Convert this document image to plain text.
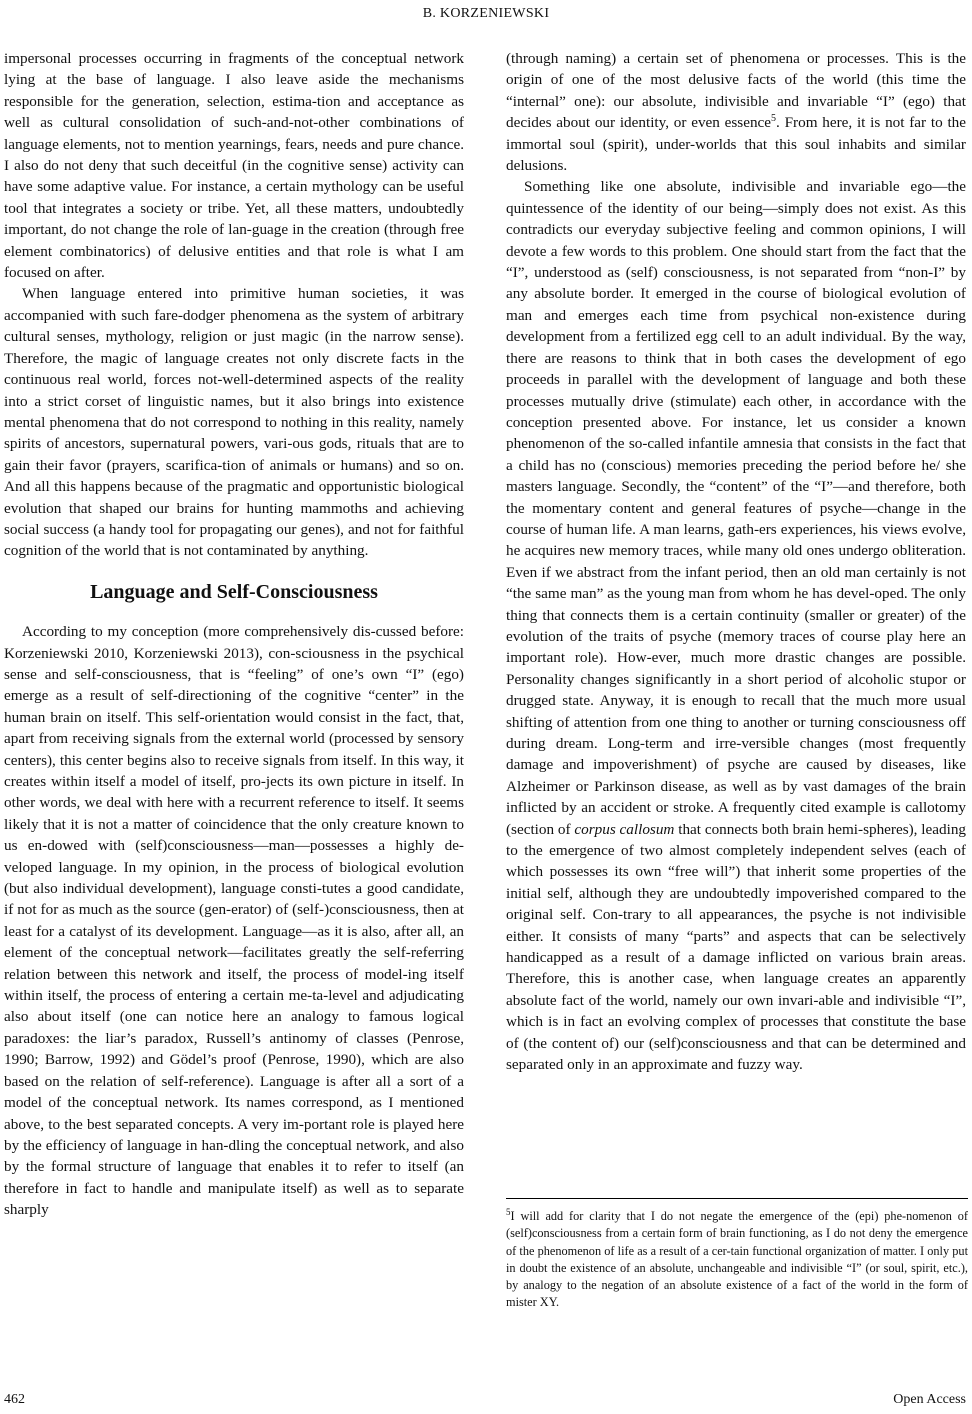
B. KORZENIEWSKI

impersonal processes occurring in fragments of the conceptual network lying at the base of language. I also leave aside the mechanisms responsible for the generation, selection, estima-tion and acceptance as well as cultural consolidation of such-and-not-other combinations of language elements, not to mention yearnings, fears, needs and pure chance. I also do not deny that such deceitful (in the cognitive sense) activity can have some adaptive value. For instance, a certain mythology can be useful tool that integrates a society or tribe. Yet, all these matters, undoubtedly important, do not change the role of lan-guage in the creation (through free element combinatorics) of delusive entities and that role is what I am focused on after.

When language entered into primitive human societies, it was accompanied with such fare-dodger phenomena as the system of arbitrary cultural senses, mythology, religion or just magic (in the narrow sense). Therefore, the magic of language creates not only discrete facts in the continuous real world, forces not-well-determined aspects of the reality into a strict corset of linguistic names, but it also brings into existence mental phenomena that do not correspond to nothing in this reality, namely spirits of ancestors, supernatural powers, vari-ous gods, rituals that are to gain their favor (prayers, scarifica-tion of animals or humans) and so on. And all this happens because of the pragmatic and opportunistic biological evolution that shaped our brains for hunting mammoths and achieving social success (a handy tool for propagating our genes), and not for faithful cognition of the world that is not contaminated by anything.

Language and Self-Consciousness

According to my conception (more comprehensively dis-cussed before: Korzeniewski 2010, Korzeniewski 2013), con-sciousness in the psychical sense and self-consciousness, that is “feeling” of one’s own “I” (ego) emerge as a result of self-directioning of the cognitive “center” in the human brain on itself. This self-orientation would consist in the fact, that, apart from receiving signals from the external world (processed by sensory centers), this center begins also to receive signals from itself. In this way, it creates within itself a model of itself, pro-jects its own picture in itself. In other words, we deal with here with a recurrent reference to itself. It seems likely that it is not a matter of coincidence that the only creature known to us en-dowed with (self)consciousness—man—possesses a highly de-veloped language. In my opinion, in the process of biological evolution (but also individual development), language consti-tutes a good candidate, if not for as much as the source (gen-erator) of (self-)consciousness, then at least for a catalyst of its development. Language—as it is also, after all, an element of the conceptual network—facilitates greatly the self-referring relation between this network and itself, the process of model-ing itself within itself, the process of entering a certain me-ta-level and adjudicating also about itself (one can notice here an analogy to famous logical paradoxes: the liar’s paradox, Russell’s antinomy of classes (Penrose, 1990; Barrow, 1992) and Gödel’s proof (Penrose, 1990), which are also based on the relation of self-reference). Language is after all a sort of a model of the conceptual network. Its names correspond, as I mentioned above, to the best separated concepts. A very im-portant role is played here by the efficiency of language in han-dling the conceptual network, and also by the formal structure of language that enables it to refer to itself (an therefore in fact to handle and manipulate itself) as well as to separate sharply

(through naming) a certain set of phenomena or processes. This is the origin of one of the most delusive facts of the world (this time the “internal” one): our absolute, indivisible and invariable “I” (ego) that decides about our identity, or even essence$^5$. From here, it is not far to the immortal soul (spirit), under-worlds that this soul inhabits and similar delusions.

Something like one absolute, indivisible and invariable ego—the quintessence of the identity of our being—simply does not exist. As this contradicts our everyday subjective feeling and common opinions, I will devote a few words to this problem. One should start from the fact that the “I”, understood as (self) consciousness, is not separated from “non-I” by any absolute border. It emerged in the course of biological evolution of man and emerges each time from psychical non-existence during development from a fertilized egg cell to an adult individual. By the way, there are reasons to think that in both cases the development of ego proceeds in parallel with the development of language and both these processes mutually drive (stimulate) each other, in accordance with the conception presented above. For instance, let us consider a known phenomenon of the so-called infantile amnesia that consists in the fact that a child has no (conscious) memories preceding the period before he/ she masters language. Secondly, the “content” of the “I”—and therefore, both the momentary content and general features of psyche—change in the course of human life. A man learns, gath-ers experiences, his views evolve, he acquires new memory traces, while many old ones undergo obliteration. Even if we abstract from the infant period, then an old man certainly is not “the same man” as the young man from whom he has devel-oped. The only thing that connects them is a certain continuity (smaller or greater) of the evolution of the traits of psyche (memory traces of course play here an important role). How-ever, much more drastic changes are possible. Personality changes significantly in a short period of alcoholic stupor or drugged state. Anyway, it is enough to recall that the much more usual shifting of attention from one thing to another or turning consciousness off during dream. Long-term and irre-versible changes (most frequently damage and impoverishment) of psyche are caused by diseases, like Alzheimer or Parkinson disease, as well as by vast damages of the brain inflicted by an accident or stroke. A frequently cited example is callotomy (section of corpus callosum that connects both brain hemi-spheres), leading to the emergence of two almost completely independent selves (each of which possesses its own “free will”) that inherit some properties of the initial self, although they are undoubtedly impoverished compared to the original self. Con-trary to all appearances, the psyche is not indivisible either. It consists of many “parts” and aspects that can be selectively handicapped as a result of a damage inflicted on various brain areas. Therefore, this is another case, when language creates an apparently absolute fact of the world, namely our own invari-able and indivisible “I”, which is in fact an evolving complex of processes that constitute the base of (the content of) our (self)consciousness and that can be determined and separated only in an approximate and fuzzy way.

$^5$I will add for clarity that I do not negate the emergence of the (epi) phe-nomenon of (self)consciousness from a certain form of brain functioning, as I do not deny the emergence of the phenomenon of life as a result of a cer-tain functional organization of matter. I only put in doubt the existence of an absolute, unchangeable and indivisible “I” (or soul, spirit, etc.), by analogy to the negation of an absolute existence of a fact of the world in the form of mister XY.
462	Open Access
